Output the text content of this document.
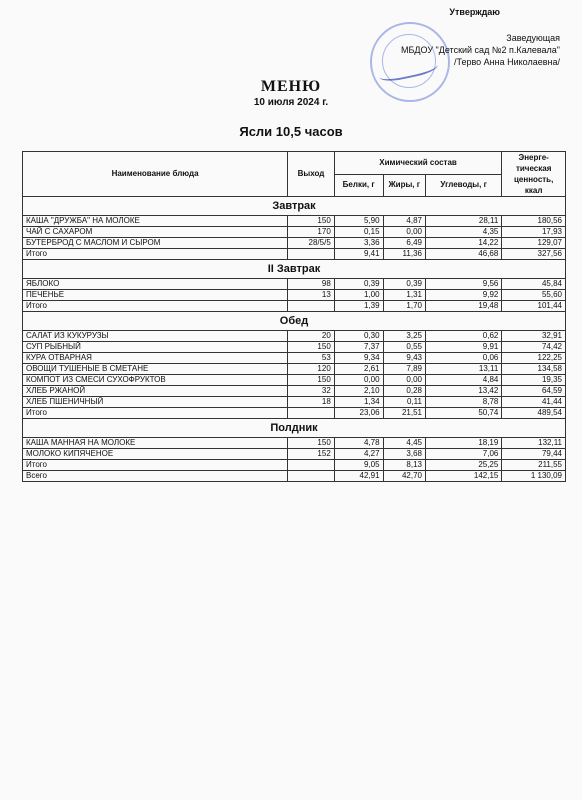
Утверждаю
Заведующая
МБДОУ "Детский сад №2 п.Калевала"
/Терво Анна Николаевна/
МЕНЮ
10 июля 2024 г.
Ясли 10,5 часов
Наименование блюда	Выход	Химический состав			Энерге-тическая ценность, ккал
		Белки, г	Жиры, г	Углеводы, г	
Завтрак					
КАША "ДРУЖБА" НА МОЛОКЕ	150	5,90	4,87	28,11	180,56
ЧАЙ С САХАРОМ	170	0,15	0,00	4,35	17,93
БУТЕРБРОД С МАСЛОМ И СЫРОМ	28/5/5	3,36	6,49	14,22	129,07
Итого		9,41	11,36	46,68	327,56
II Завтрак					
ЯБЛОКО	98	0,39	0,39	9,56	45,84
ПЕЧЕНЬЕ	13	1,00	1,31	9,92	55,60
Итого		1,39	1,70	19,48	101,44
Обед					
САЛАТ ИЗ КУКУРУЗЫ	20	0,30	3,25	0,62	32,91
СУП РЫБНЫЙ	150	7,37	0,55	9,91	74,42
КУРА ОТВАРНАЯ	53	9,34	9,43	0,06	122,25
ОВОЩИ ТУШЕНЫЕ В СМЕТАНЕ	120	2,61	7,89	13,11	134,58
КОМПОТ ИЗ СМЕСИ СУХОФРУКТОВ	150	0,00	0,00	4,84	19,35
ХЛЕБ РЖАНОЙ	32	2,10	0,28	13,42	64,59
ХЛЕБ ПШЕНИЧНЫЙ	18	1,34	0,11	8,78	41,44
Итого		23,06	21,51	50,74	489,54
Полдник					
КАША МАННАЯ НА МОЛОКЕ	150	4,78	4,45	18,19	132,11
МОЛОКО КИПЯЧЕНОЕ	152	4,27	3,68	7,06	79,44
Итого		9,05	8,13	25,25	211,55
Всего		42,91	42,70	142,15	1 130,09
